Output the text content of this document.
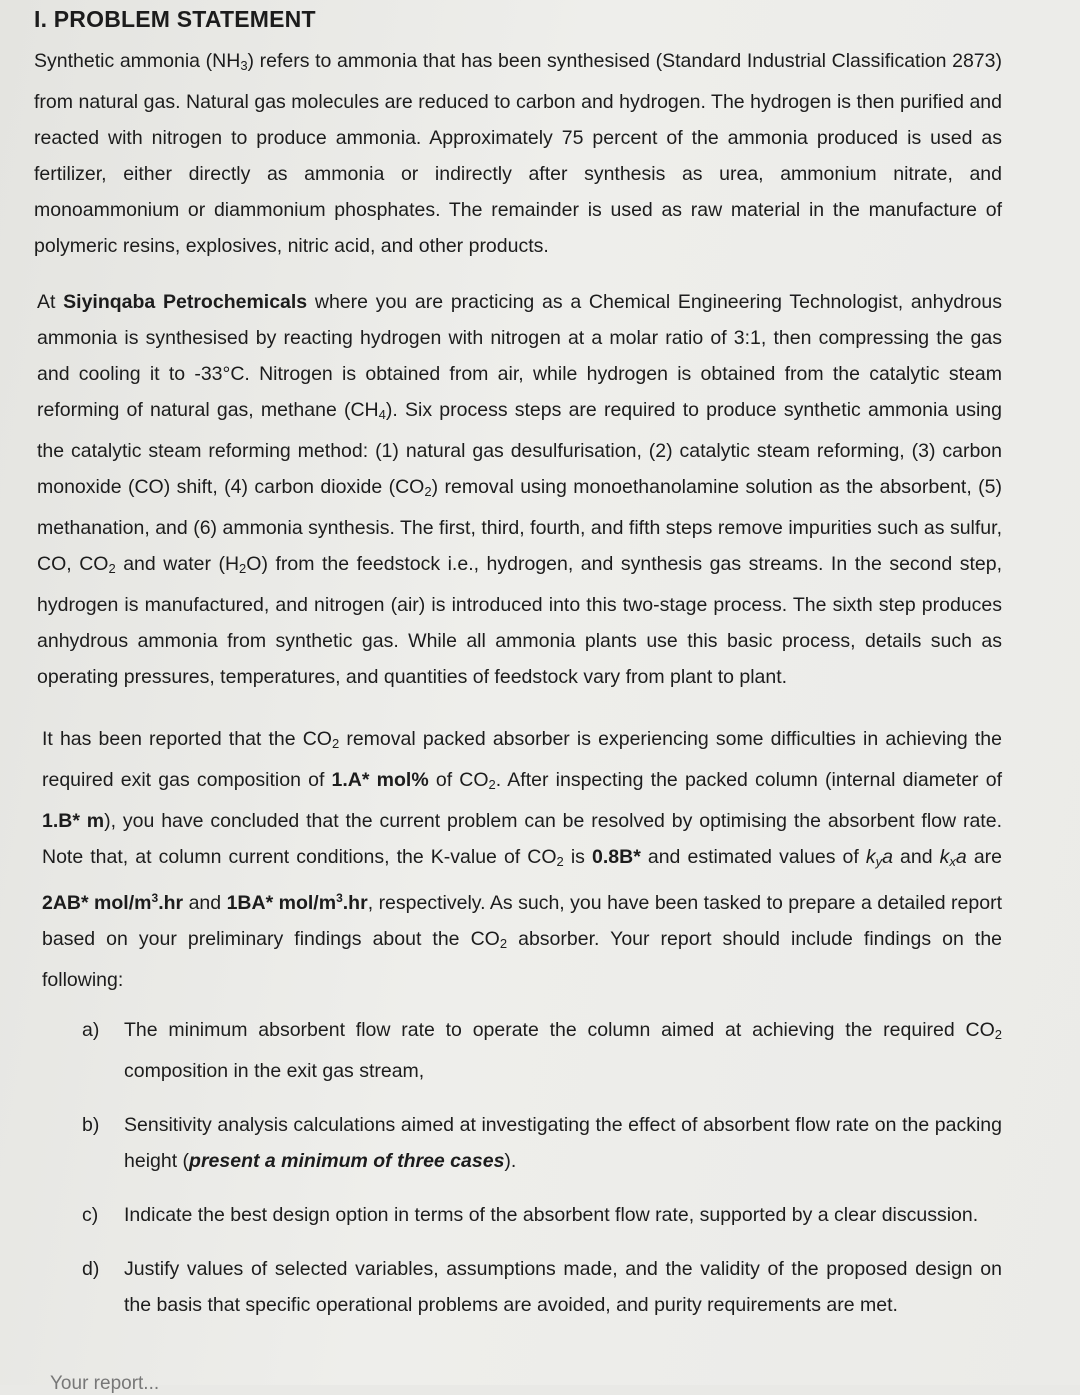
I. PROBLEM STATEMENT

Synthetic ammonia $(NH_3)$ refers to ammonia that has been synthesised (Standard Industrial Classification 2873) from natural gas. Natural gas molecules are reduced to carbon and hydrogen. The hydrogen is then purified and reacted with nitrogen to produce ammonia. Approximately 75 percent of the ammonia produced is used as fertilizer, either directly as ammonia or indirectly after synthesis as urea, ammonium nitrate, and monoammonium or diammonium phosphates. The remainder is used as raw material in the manufacture of polymeric resins, explosives, nitric acid, and other products.

At Siyinqaba Petrochemicals where you are practicing as a Chemical Engineering Technologist, anhydrous ammonia is synthesised by reacting hydrogen with nitrogen at a molar ratio of 3:1, then compressing the gas and cooling it to -33°C. Nitrogen is obtained from air, while hydrogen is obtained from the catalytic steam reforming of natural gas, methane $(CH_4)$. Six process steps are required to produce synthetic ammonia using the catalytic steam reforming method: (1) natural gas desulfurisation, (2) catalytic steam reforming, (3) carbon monoxide (CO) shift, (4) carbon dioxide $(CO_2)$ removal using monoethanolamine solution as the absorbent, (5) methanation, and (6) ammonia synthesis. The first, third, fourth, and fifth steps remove impurities such as sulfur, CO, $CO_2$ and water $(H_2O)$ from the feedstock i.e., hydrogen, and synthesis gas streams. In the second step, hydrogen is manufactured, and nitrogen (air) is introduced into this two-stage process. The sixth step produces anhydrous ammonia from synthetic gas. While all ammonia plants use this basic process, details such as operating pressures, temperatures, and quantities of feedstock vary from plant to plant.

It has been reported that the $CO_2$ removal packed absorber is experiencing some difficulties in achieving the required exit gas composition of 1.A* mol% of $CO_2$. After inspecting the packed column (internal diameter of 1.B* m), you have concluded that the current problem can be resolved by optimising the absorbent flow rate. Note that, at column current conditions, the K-value of $CO_2$ is 0.8B* and estimated values of $k_ya$ and $k_xa$ are 2AB* mol/$m^3.hr$ and 1BA* mol/$m^3.hr$, respectively. As such, you have been tasked to prepare a detailed report based on your preliminary findings about the $CO_2$ absorber. Your report should include findings on the following:

a)	The minimum absorbent flow rate to operate the column aimed at achieving the required $CO_2$ composition in the exit gas stream,
b)	Sensitivity analysis calculations aimed at investigating the effect of absorbent flow rate on the packing height (present a minimum of three cases).
c)	Indicate the best design option in terms of the absorbent flow rate, supported by a clear discussion.
d)	Justify values of selected variables, assumptions made, and the validity of the proposed design on the basis that specific operational problems are avoided, and purity requirements are met.
Your report...
